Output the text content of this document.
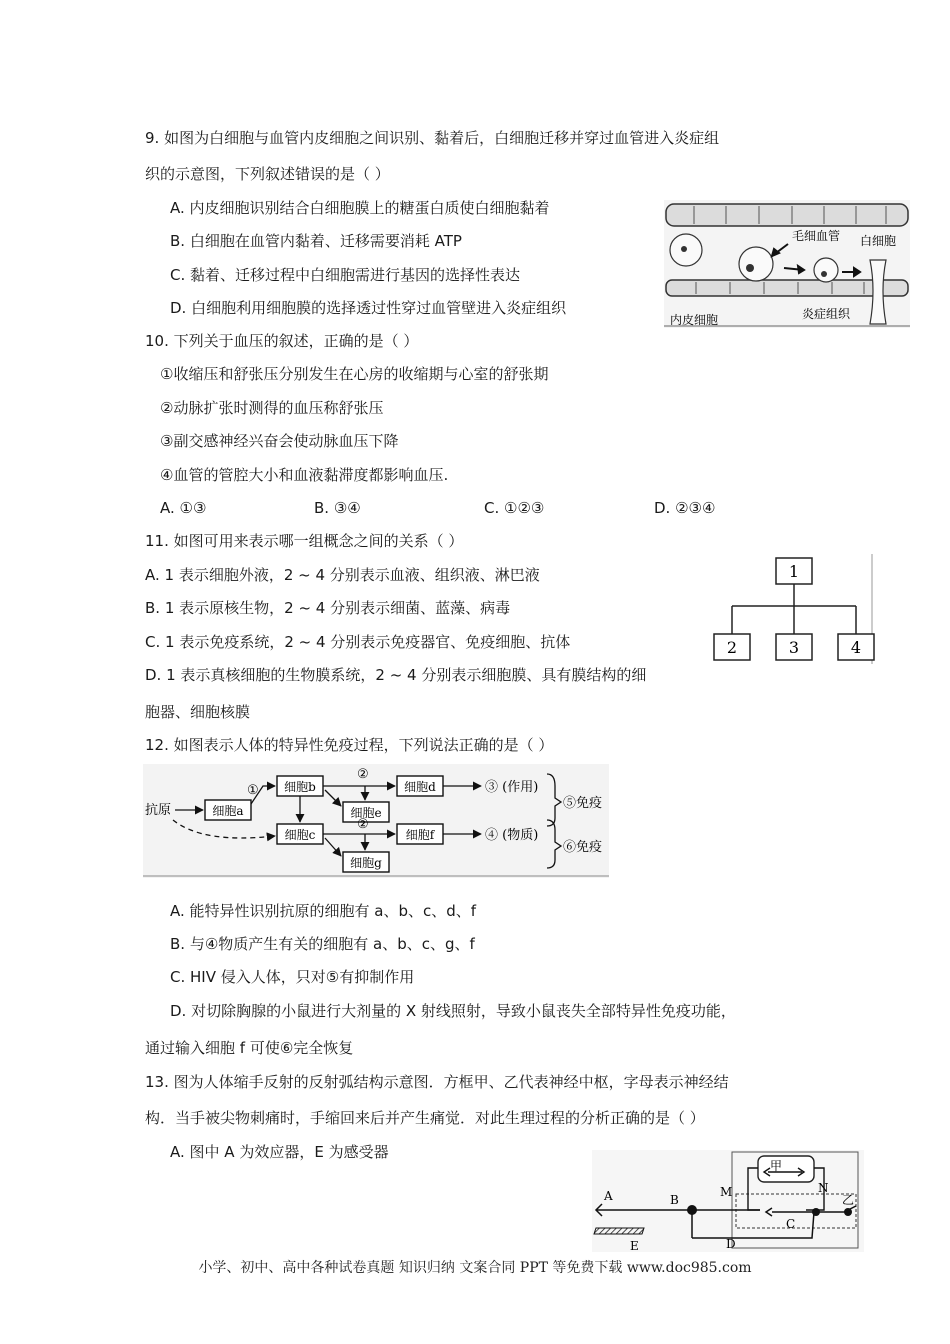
9. 如图为白细胞与血管内皮细胞之间识别、黏着后，白细胞迁移并穿过血管进入炎症组
织的示意图，下列叙述错误的是（ ）
A. 内皮细胞识别结合白细胞膜上的糖蛋白质使白细胞黏着
B. 白细胞在血管内黏着、迁移需要消耗 ATP
C. 黏着、迁移过程中白细胞需进行基因的选择性表达
D. 白细胞利用细胞膜的选择透过性穿过血管壁进入炎症组织
毛细血管 白细胞
内皮细胞	炎症组织
10. 下列关于血压的叙述，正确的是（ ）
①收缩压和舒张压分别发生在心房的收缩期与心室的舒张期
②动脉扩张时测得的血压称舒张压
③副交感神经兴奋会使动脉血压下降
④血管的管腔大小和血液黏滞度都影响血压.
A. ①③	B. ③④	C. ①②③	D. ②③④
11. 如图可用来表示哪一组概念之间的关系（ ）
A. 1 表示细胞外液，2 ~ 4 分别表示血液、组织液、淋巴液
B. 1 表示原核生物，2 ~ 4 分别表示细菌、蓝藻、病毒
C. 1 表示免疫系统，2 ~ 4 分别表示免疫器官、免疫细胞、抗体
D. 1 表示真核细胞的生物膜系统，2 ~ 4 分别表示细胞膜、具有膜结构的细
胞器、细胞核膜
1
2	3	4
12. 如图表示人体的特异性免疫过程，下列说法正确的是（ ）
抗原	细胞a
细胞b
细胞e
细胞d
细胞c	细胞f
细胞g
①
②
②
③ (作用)
④ (物质)
⑤免疫
⑥免疫
A. 能特异性识别抗原的细胞有 a、b、c、d、f
B. 与④物质产生有关的细胞有 a、b、c、g、f
C. HIV 侵入人体，只对⑤有抑制作用
D. 对切除胸腺的小鼠进行大剂量的 X 射线照射，导致小鼠丧失全部特异性免疫功能，
通过输入细胞 f 可使⑥完全恢复
13. 图为人体缩手反射的反射弧结构示意图．方框甲、乙代表神经中枢，字母表示神经结
构．当手被尖物刺痛时，手缩回来后并产生痛觉．对此生理过程的分析正确的是（ ）
A. 图中 A 为效应器，E 为感受器
甲
A	B
C
D
E
M	N
乙
小学、初中、高中各种试卷真题 知识归纳 文案合同 PPT 等免费下载 www.doc985.com
